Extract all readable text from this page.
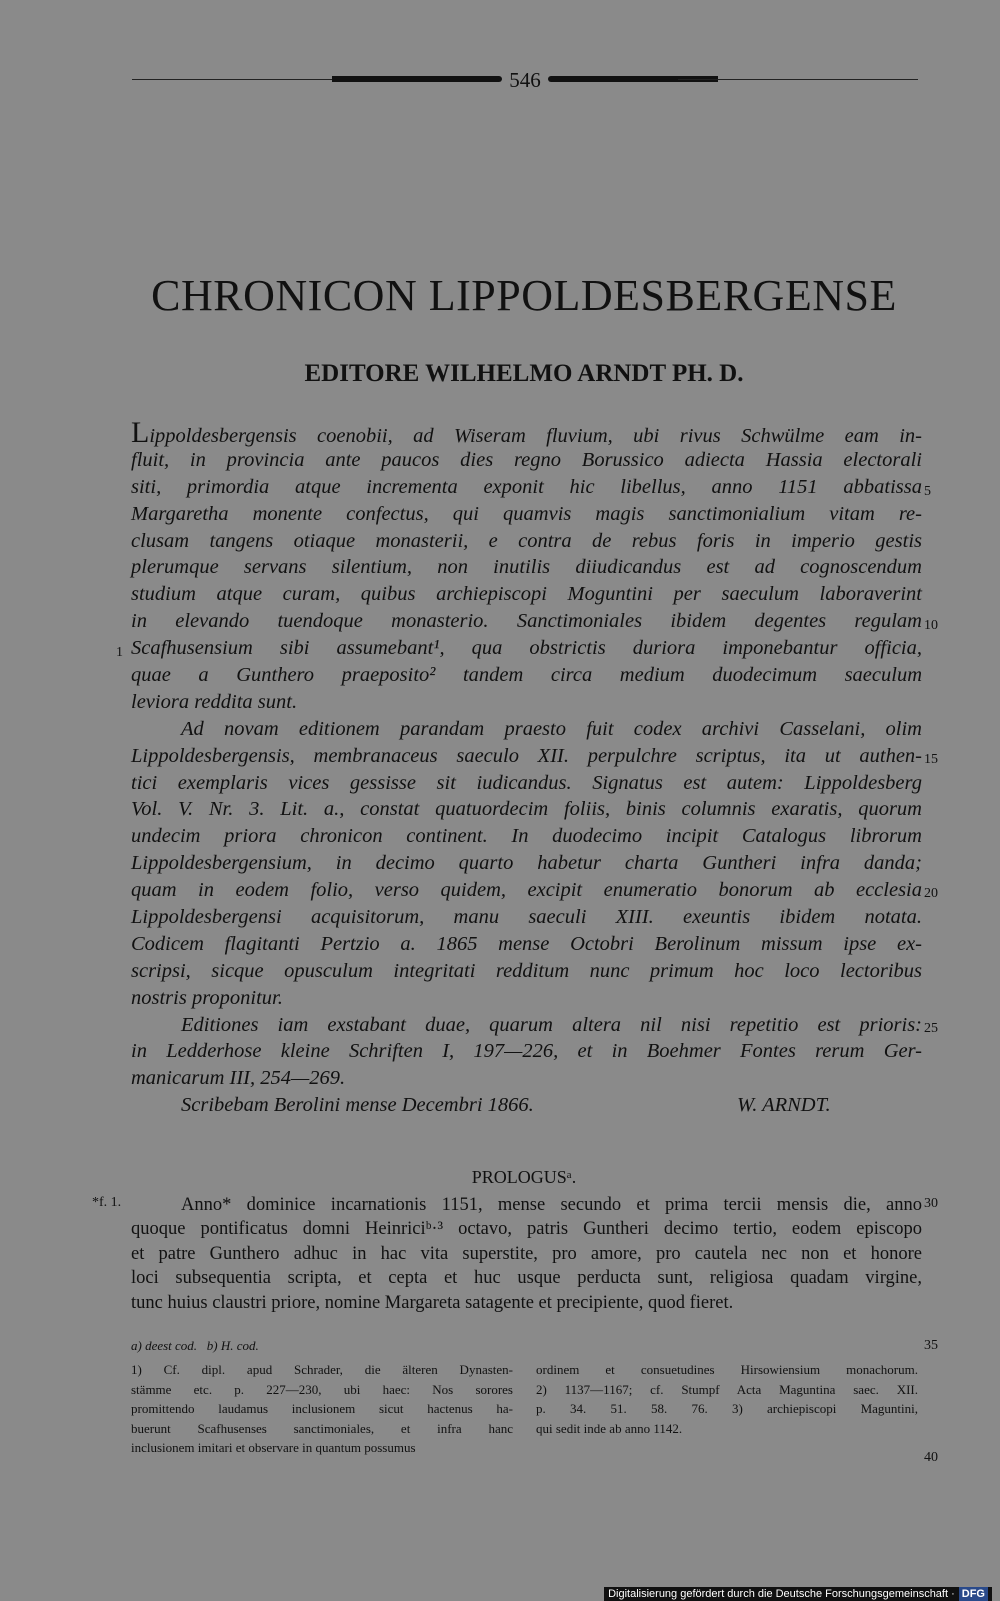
546
CHRONICON LIPPOLDESBERGENSE
EDITORE WILHELMO ARNDT PH. D.
Lippoldesbergensis coenobii, ad Wiseram fluvium, ubi rivus Schwülme eam in-
fluit, in provincia ante paucos dies regno Borussico adiecta Hassia electorali
siti, primordia atque incrementa exponit hic libellus, anno 1151 abbatissa
Margaretha monente confectus, qui quamvis magis sanctimonialium vitam re-
clusam tangens otiaque monasterii, e contra de rebus foris in imperio gestis
plerumque servans silentium, non inutilis diiudicandus est ad cognoscendum
studium atque curam, quibus archiepiscopi Moguntini per saeculum laboraverint
in elevando tuendoque monasterio. Sanctimoniales ibidem degentes regulam
Scafhusensium sibi assumebant¹, qua obstrictis duriora imponebantur officia,
quae a Gunthero praeposito² tandem circa medium duodecimum saeculum
leviora reddita sunt.
Ad novam editionem parandam praesto fuit codex archivi Casselani, olim
Lippoldesbergensis, membranaceus saeculo XII. perpulchre scriptus, ita ut authen-
tici exemplaris vices gessisse sit iudicandus. Signatus est autem: Lippoldesberg
Vol. V. Nr. 3. Lit. a., constat quatuordecim foliis, binis columnis exaratis, quorum
undecim priora chronicon continent. In duodecimo incipit Catalogus librorum
Lippoldesbergensium, in decimo quarto habetur charta Guntheri infra danda;
quam in eodem folio, verso quidem, excipit enumeratio bonorum ab ecclesia
Lippoldesbergensi acquisitorum, manu saeculi XIII. exeuntis ibidem notata.
Codicem flagitanti Pertzio a. 1865 mense Octobri Berolinum missum ipse ex-
scripsi, sicque opusculum integritati redditum nunc primum hoc loco lectoribus
nostris proponitur.
Editiones iam exstabant duae, quarum altera nil nisi repetitio est prioris:
in Ledderhose kleine Schriften I, 197—226, et in Boehmer Fontes rerum Ger-
manicarum III, 254—269.
Scribebam Berolini mense Decembri 1866.	W. ARNDT.
5
10
15
20
25
1
PROLOGUSᵃ.
*f. 1.	30
Anno* dominice incarnationis 1151, mense secundo et prima tercii mensis die, anno
quoque pontificatus domni Heinriciᵇ·³ octavo, patris Guntheri decimo tertio, eodem episcopo
et patre Gunthero adhuc in hac vita superstite, pro amore, pro cautela nec non et honore
loci subsequentia scripta, et cepta et huc usque perducta sunt, religiosa quadam virgine,
tunc huius claustri priore, nomine Margareta satagente et precipiente, quod fieret.
a) deest cod.   b) H. cod.	35
1) Cf. dipl. apud Schrader, die älteren Dynasten-
stämme etc. p. 227—230, ubi haec: Nos sorores
promittendo laudamus inclusionem sicut hactenus ha-
buerunt Scafhusenses sanctimoniales, et infra hanc
inclusionem imitari et observare in quantum possumus
ordinem et consuetudines Hirsowiensium monachorum.
2) 1137—1167; cf. Stumpf Acta Maguntina saec. XII.
p. 34. 51. 58. 76. 3) archiepiscopi Maguntini,
qui sedit inde ab anno 1142.
40
Digitalisierung gefördert durch die Deutsche Forschungsgemeinschaft · DFG
